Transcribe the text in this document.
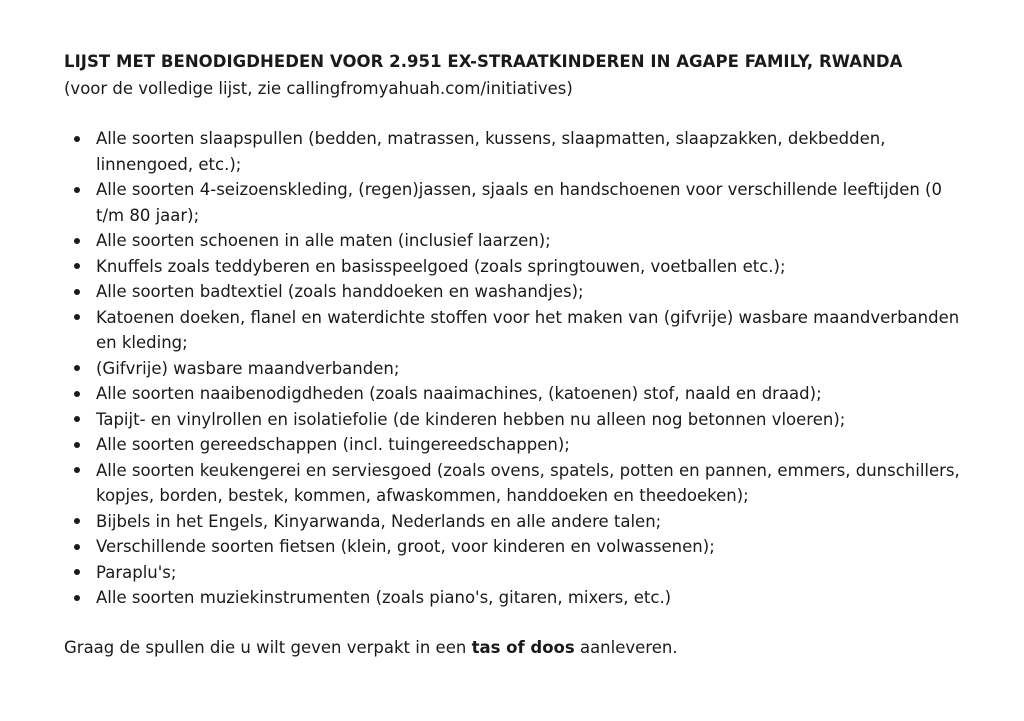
LIJST MET BENODIGDHEDEN VOOR 2.951 EX-STRAATKINDEREN IN AGAPE FAMILY, RWANDA

(voor de volledige lijst, zie callingfromyahuah.com/initiatives)

Alle soorten slaapspullen (bedden, matrassen, kussens, slaapmatten, slaapzakken, dekbedden, linnengoed, etc.);
Alle soorten 4-seizoenskleding, (regen)jassen, sjaals en handschoenen voor verschillende leeftijden (0 t/m 80 jaar);
Alle soorten schoenen in alle maten (inclusief laarzen);
Knuffels zoals teddyberen en basisspeelgoed (zoals springtouwen, voetballen etc.);
Alle soorten badtextiel (zoals handdoeken en washandjes);
Katoenen doeken, flanel en waterdichte stoffen voor het maken van (gifvrije) wasbare maandverbanden en kleding;
(Gifvrije) wasbare maandverbanden;
Alle soorten naaibenodigdheden (zoals naaimachines, (katoenen) stof, naald en draad);
Tapijt- en vinylrollen en isolatiefolie (de kinderen hebben nu alleen nog betonnen vloeren);
Alle soorten gereedschappen (incl. tuingereedschappen);
Alle soorten keukengerei en serviesgoed (zoals ovens, spatels, potten en pannen, emmers, dunschillers, kopjes, borden, bestek, kommen, afwaskommen, handdoeken en theedoeken);
Bijbels in het Engels, Kinyarwanda, Nederlands en alle andere talen;
Verschillende soorten fietsen (klein, groot, voor kinderen en volwassenen);
Paraplu's;
Alle soorten muziekinstrumenten (zoals piano's, gitaren, mixers, etc.)

Graag de spullen die u wilt geven verpakt in een tas of doos aanleveren.
